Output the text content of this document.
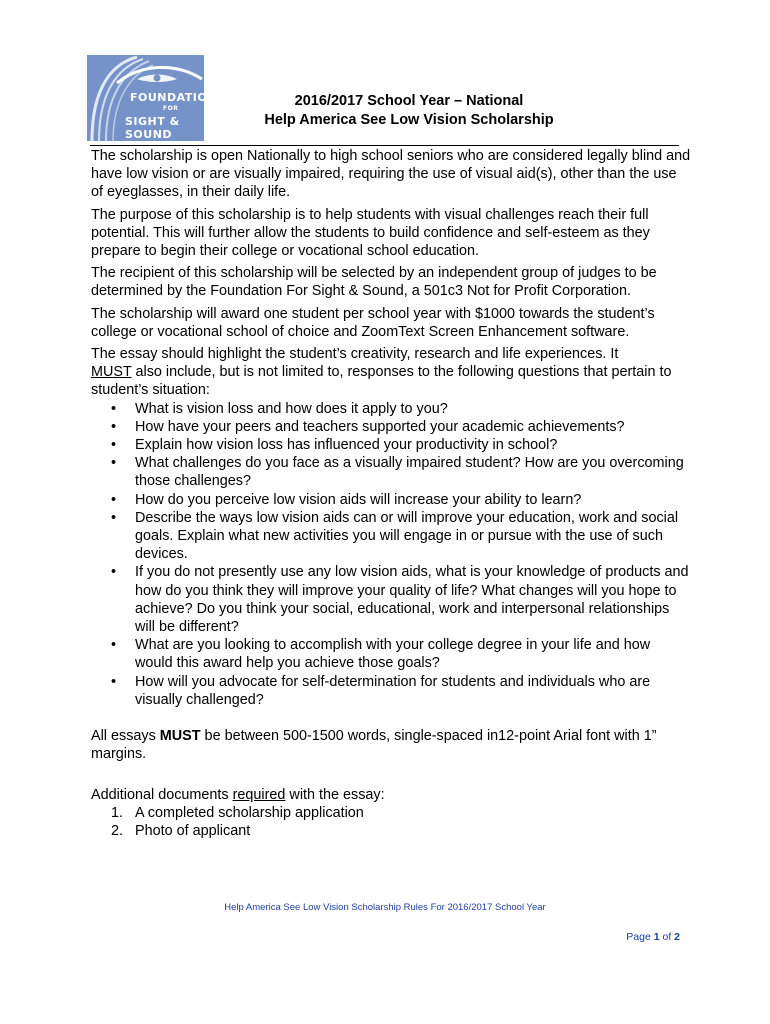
FOUNDATION
FOR
SIGHT & SOUND
2016/2017 School Year – National
Help America See Low Vision Scholarship

The scholarship is open Nationally to high school seniors who are considered legally blind and have low vision or are visually impaired, requiring the use of visual aid(s), other than the use of eyeglasses, in their daily life.

The purpose of this scholarship is to help students with visual challenges reach their full potential. This will further allow the students to build confidence and self-esteem as they prepare to begin their college or vocational school education.

The recipient of this scholarship will be selected by an independent group of judges to be determined by the Foundation For Sight & Sound, a 501c3 Not for Profit Corporation.

The scholarship will award one student per school year with $1000 towards the student’s college or vocational school of choice and ZoomText Screen Enhancement software.

The essay should highlight the student’s creativity, research and life experiences. It
MUST also include, but is not limited to, responses to the following questions that pertain to student’s situation:

•	What is vision loss and how does it apply to you?
•	How have your peers and teachers supported your academic achievements?
•	Explain how vision loss has influenced your productivity in school?
•	What challenges do you face as a visually impaired student? How are you overcoming those challenges?
•	How do you perceive low vision aids will increase your ability to learn?
•	Describe the ways low vision aids can or will improve your education, work and social goals. Explain what new activities you will engage in or pursue with the use of such devices.
•	If you do not presently use any low vision aids, what is your knowledge of products and how do you think they will improve your quality of life? What changes will you hope to achieve? Do you think your social, educational, work and interpersonal relationships will be different?
•	What are you looking to accomplish with your college degree in your life and how would this award help you achieve those goals?
•	How will you advocate for self-determination for students and individuals who are visually challenged?

All essays MUST be between 500-1500 words, single-spaced in12-point Arial font with 1” margins.

Additional documents required with the essay:

1. A completed scholarship application
2. Photo of applicant
Help America See Low Vision Scholarship Rules For 2016/2017 School Year
Page 1 of 2
